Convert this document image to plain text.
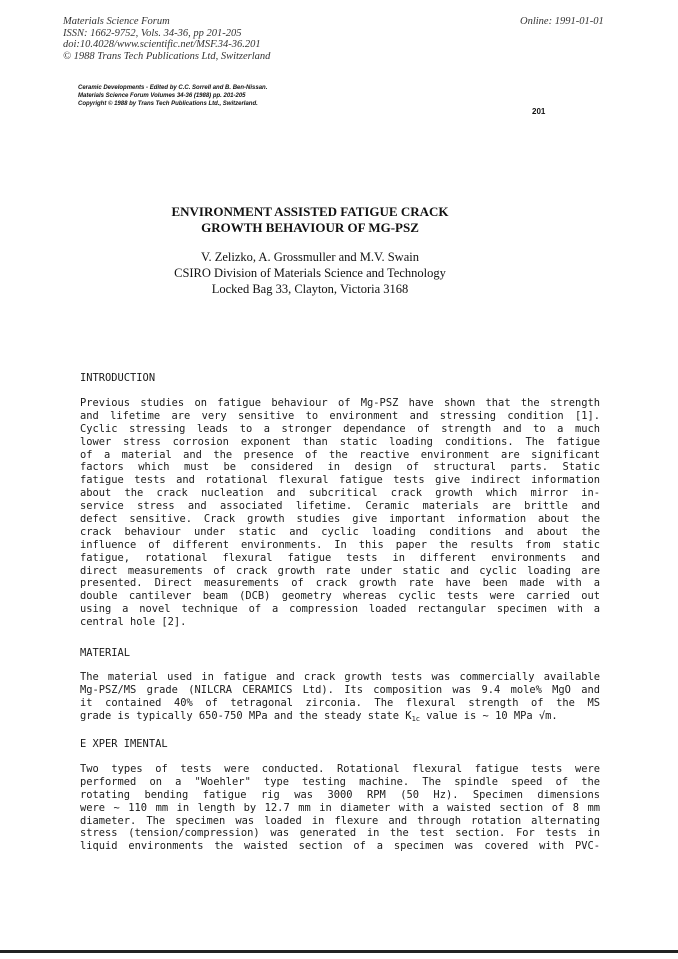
Materials Science Forum
ISSN: 1662-9752, Vols. 34-36, pp 201-205
doi:10.4028/www.scientific.net/MSF.34-36.201
© 1988 Trans Tech Publications Ltd, Switzerland
Online: 1991-01-01
Ceramic Developments - Edited by C.C. Sorrell and B. Ben-Nissan.
Materials Science Forum Volumes 34-36 (1988) pp. 201-205
Copyright © 1988 by Trans Tech Publications Ltd., Switzerland.
201
ENVIRONMENT ASSISTED FATIGUE CRACK
GROWTH BEHAVIOUR OF MG-PSZ
V. Zelizko, A. Grossmuller and M.V. Swain
CSIRO Division of Materials Science and Technology
Locked Bag 33, Clayton, Victoria 3168
INTRODUCTION
Previous studies on fatigue behaviour of Mg-PSZ have shown that the strength
and lifetime are very sensitive to environment and stressing condition [1].
Cyclic stressing leads to a stronger dependance of strength and to a much
lower stress corrosion exponent than static loading conditions. The fatigue
of a material and the presence of the reactive environment are significant
factors which must be considered in design of structural parts. Static
fatigue tests and rotational flexural fatigue tests give indirect information
about the crack nucleation and subcritical crack growth which mirror in-
service stress and associated lifetime. Ceramic materials are brittle and
defect sensitive. Crack growth studies give important information about the
crack behaviour under static and cyclic loading conditions and about the
influence of different environments. In this paper the results from static
fatigue, rotational flexural fatigue tests in different environments and
direct measurements of crack growth rate under static and cyclic loading are
presented. Direct measurements of crack growth rate have been made with a
double cantilever beam (DCB) geometry whereas cyclic tests were carried out
using a novel technique of a compression loaded rectangular specimen with a
central hole [2].
MATERIAL
The material used in fatigue and crack growth tests was commercially available
Mg-PSZ/MS grade (NILCRA CERAMICS Ltd). Its composition was 9.4 mole% MgO and
it contained 40% of tetragonal zirconia. The flexural strength of the MS
grade is typically 650-750 MPa and the steady state $K_{1c}$ value is ~ 10 MPa √m.
E XPER IMENTAL
Two types of tests were conducted. Rotational flexural fatigue tests were
performed on a "Woehler" type testing machine. The spindle speed of the
rotating bending fatigue rig was 3000 RPM (50 Hz). Specimen dimensions
were ~ 110 mm in length by 12.7 mm in diameter with a waisted section of 8 mm
diameter. The specimen was loaded in flexure and through rotation alternating
stress (tension/compression) was generated in the test section. For tests in
liquid environments the waisted section of a specimen was covered with PVC-
